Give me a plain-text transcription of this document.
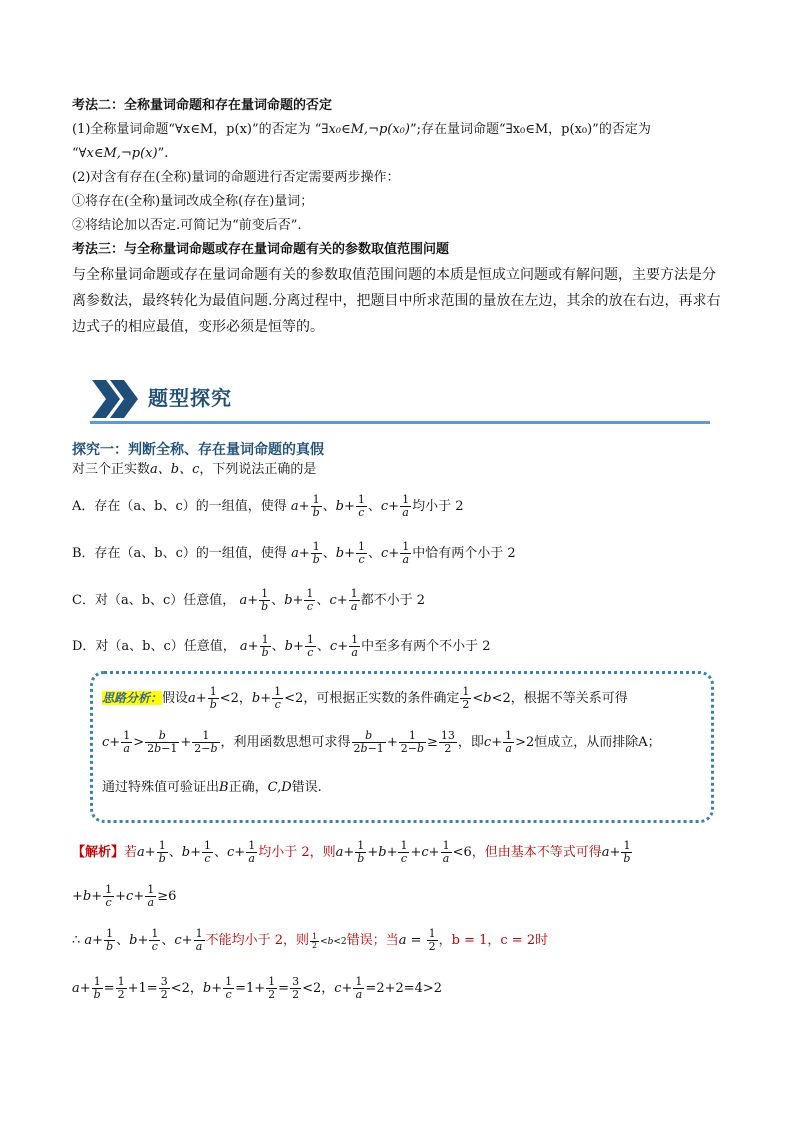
考法二：全称量词命题和存在量词命题的否定
(1)全称量词命题“∀x∈M，p(x)”的否定为 “∃x₀∈M,¬p(x₀)”;存在量词命题“∃x₀∈M，p(x₀)”的否定为
“∀x∈M,¬p(x)”.
(2)对含有存在(全称)量词的命题进行否定需要两步操作：
①将存在(全称)量词改成全称(存在)量词；
②将结论加以否定.可简记为“前变后否”.
考法三：与全称量词命题或存在量词命题有关的参数取值范围问题
与全称量词命题或存在量词命题有关的参数取值范围问题的本质是恒成立问题或有解问题，主要方法是分离参数法，最终转化为最值问题.分离过程中，把题目中所求范围的量放在左边，其余的放在右边，再求右边式子的相应最值，变形必须是恒等的。
题型探究
探究一：判断全称、存在量词命题的真假
对三个正实数a、b、c，下列说法正确的是
A．存在（a、b、c）的一组值，使得 $a+ \frac{1}{b}$ 、$b+ \frac{1}{c}$ 、$c+ \frac{1}{a}$ 均小于 2
B．存在（a、b、c）的一组值，使得 $a+ \frac{1}{b}$ 、$b+ \frac{1}{c}$ 、$c+ \frac{1}{a}$ 中恰有两个小于 2
C．对（a、b、c）任意值， $a+ \frac{1}{b}$ 、$b+ \frac{1}{c}$ 、$c+ \frac{1}{a}$ 都不小于 2
D．对（a、b、c）任意值， $a+ \frac{1}{b}$ 、$b+ \frac{1}{c}$ 、$c+ \frac{1}{a}$ 中至多有两个不小于 2
思路分析：假设$a+ \frac{1}{b} <2$，$b+ \frac{1}{c} <2$，可根据正实数的条件确定 $\frac{1}{2} <b<2$，根据不等关系可得
$c+ \frac{1}{a} > \frac{b}{2b-1} + \frac{1}{2-b}$ ，利用函数思想可求得 $\frac{b}{2b-1} + \frac{1}{2-b} \ge \frac{13}{2}$ ，即$c+ \frac{1}{a} >2$恒成立，从而排除A；
通过特殊值可验证出B正确，C,D错误.
【解析】若$a+ \frac{1}{b}$ 、$b+ \frac{1}{c}$ 、$c+ \frac{1}{a}$ 均小于 2，则$a+ \frac{1}{b} +b+ \frac{1}{c} +c+ \frac{1}{a} <6$，但由基本不等式可得$a+ \frac{1}{b}$
$+b+ \frac{1}{c} +c+ \frac{1}{a} \ge 6$
∴ $a+ \frac{1}{b}$ 、$b+ \frac{1}{c}$ 、$c+ \frac{1}{a}$ 不能均小于 2，则 $\frac{1}{2} <b<2$错误；当$a = \frac{1}{2}$ ，b = 1，c = 2时
$a+ \frac{1}{b} = \frac{1}{2} +1= \frac{3}{2} <2$，$b+ \frac{1}{c} =1+ \frac{1}{2} = \frac{3}{2} <2$，$c+ \frac{1}{a} =2+2=4>2$
